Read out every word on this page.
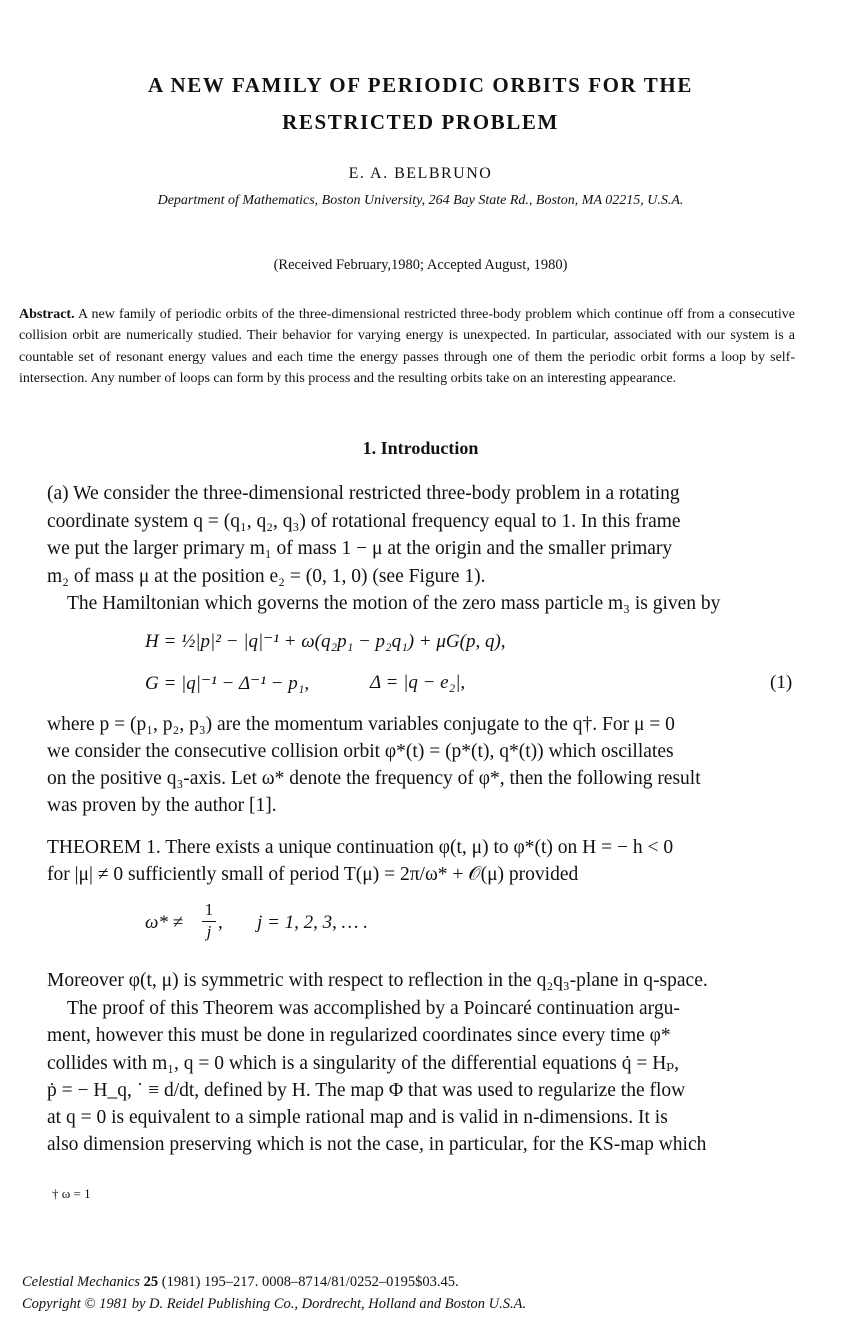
A NEW FAMILY OF PERIODIC ORBITS FOR THE
RESTRICTED PROBLEM
E. A. BELBRUNO
Department of Mathematics, Boston University, 264 Bay State Rd., Boston, MA 02215, U.S.A.
(Received February,1980; Accepted August, 1980)
Abstract. A new family of periodic orbits of the three-dimensional restricted three-body problem which continue off from a consecutive collision orbit are numerically studied. Their behavior for varying energy is unexpected. In particular, associated with our system is a countable set of resonant energy values and each time the energy passes through one of them the periodic orbit forms a loop by self-intersection. Any number of loops can form by this process and the resulting orbits take on an interesting appearance.
1. Introduction
(a) We consider the three-dimensional restricted three-body problem in a rotating
coordinate system q = (q₁, q₂, q₃) of rotational frequency equal to 1. In this frame
we put the larger primary m₁ of mass 1 − μ at the origin and the smaller primary
m₂ of mass μ at the position e₂ = (0, 1, 0) (see Figure 1).
The Hamiltonian which governs the motion of the zero mass particle m₃ is given by
H = ½|p|² − |q|⁻¹ + ω(q₂p₁ − p₂q₁) + μG(p, q),
G = |q|⁻¹ − Δ⁻¹ − p₁,	Δ = |q − e₂|,	(1)
where p = (p₁, p₂, p₃) are the momentum variables conjugate to the q†. For μ = 0
we consider the consecutive collision orbit φ*(t) = (p*(t), q*(t)) which oscillates
on the positive q₃-axis. Let ω* denote the frequency of φ*, then the following result
was proven by the author [1].
THEOREM 1. There exists a unique continuation φ(t, μ) to φ*(t) on H = − h < 0
for |μ| ≠ 0 sufficiently small of period T(μ) = 2π/ω* + 𝒪(μ) provided
ω* ≠
1
j , j = 1, 2, 3, … .
Moreover φ(t, μ) is symmetric with respect to reflection in the q₂q₃-plane in q-space.
The proof of this Theorem was accomplished by a Poincaré continuation argu-
ment, however this must be done in regularized coordinates since every time φ*
collides with m₁, q = 0 which is a singularity of the differential equations q̇ = Hₚ,
ṗ = − H_q, ˙ ≡ d/dt, defined by H. The map Φ that was used to regularize the flow
at q = 0 is equivalent to a simple rational map and is valid in n-dimensions. It is
also dimension preserving which is not the case, in particular, for the KS-map which
† ω = 1
Celestial Mechanics 25 (1981) 195–217. 0008–8714/81/0252–0195$03.45.
Copyright © 1981 by D. Reidel Publishing Co., Dordrecht, Holland and Boston U.S.A.
